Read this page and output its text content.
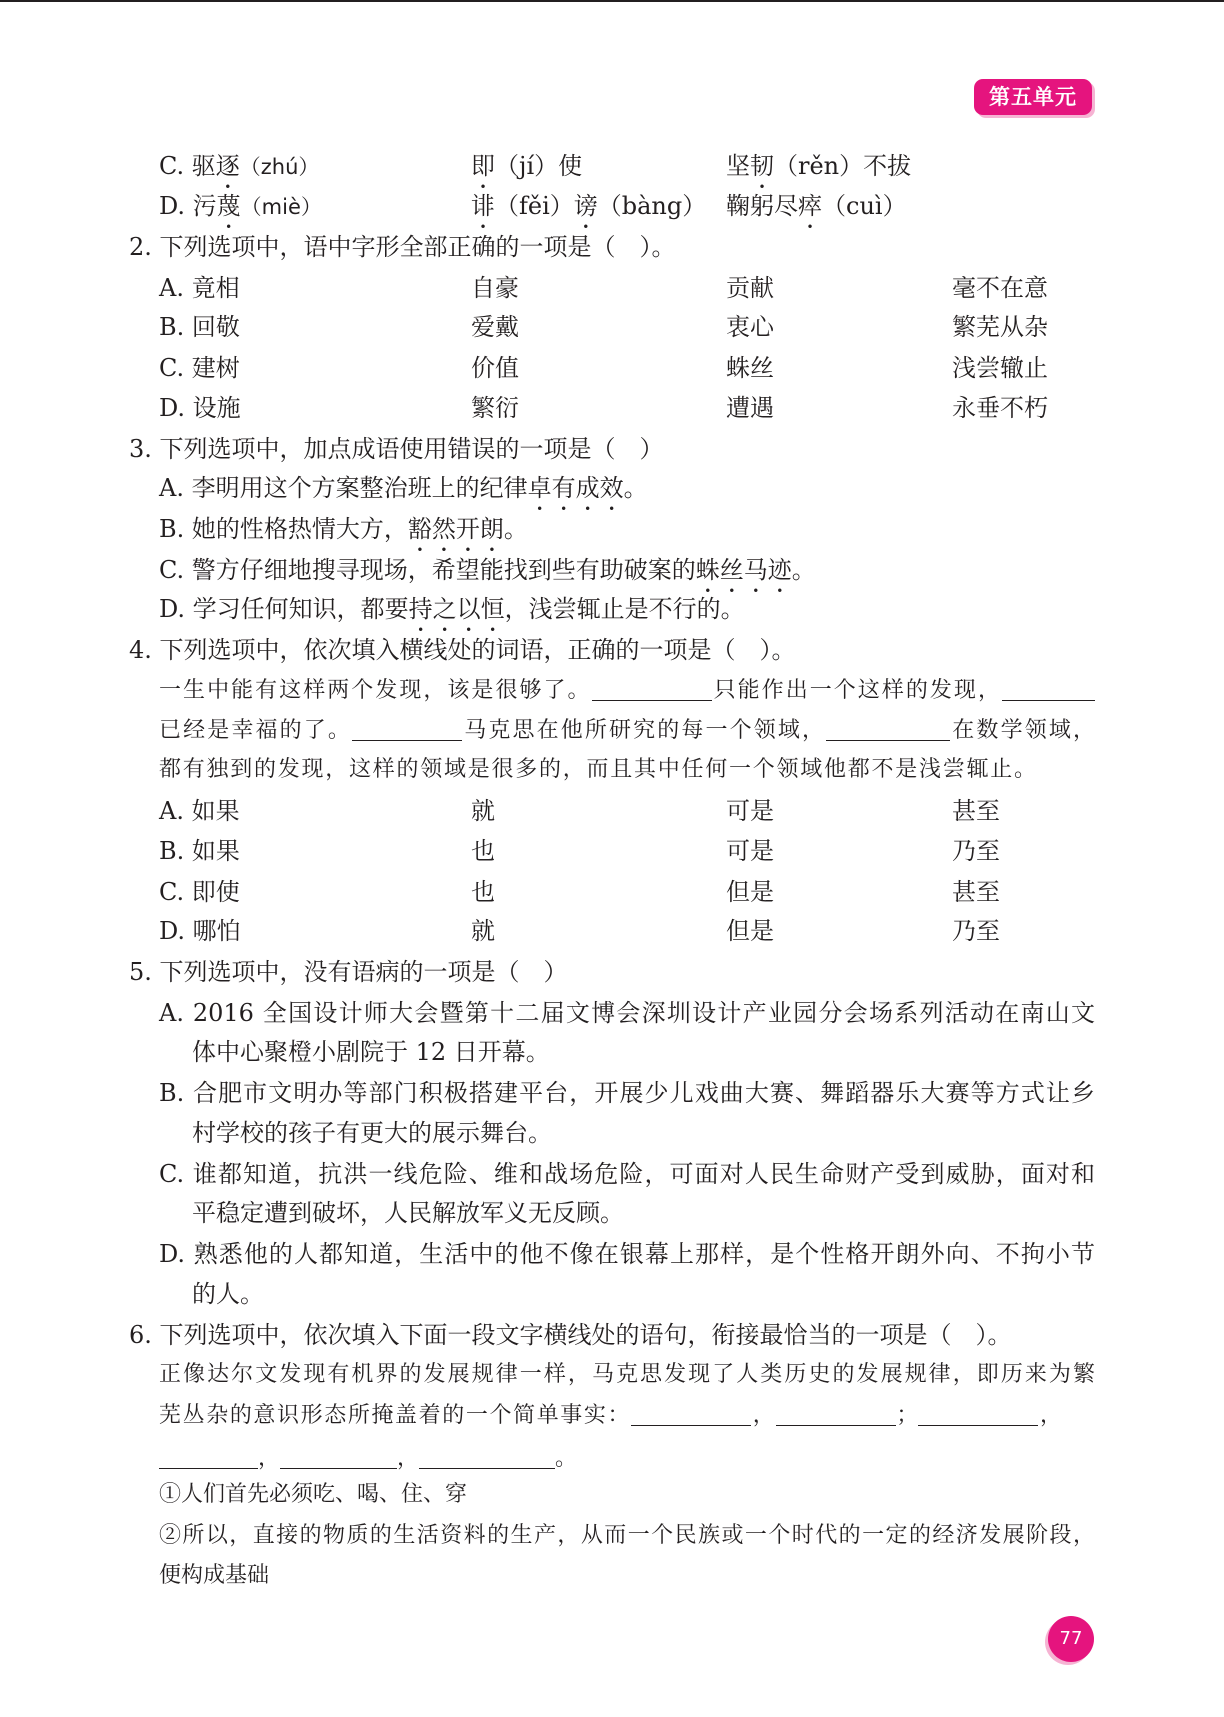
第五单元
C. 驱逐（zhú）	即（jí）使	坚韧（rěn）不拔
D. 污蔑（miè）	诽（fěi）谤（bàng） 鞠躬尽瘁（cuì）
2. 下列选项中，语中字形全部正确的一项是（　）。
A. 竟相	自豪	贡献	毫不在意
B. 回敬	爱戴	衷心	繁芜从杂
C. 建树	价值	蛛丝	浅尝辙止
D. 设施	繁衍	遭遇	永垂不朽
3. 下列选项中，加点成语使用错误的一项是（　）
A. 李明用这个方案整治班上的纪律卓有成效。
B. 她的性格热情大方，豁然开朗。
C. 警方仔细地搜寻现场，希望能找到些有助破案的蛛丝马迹。
D. 学习任何知识，都要持之以恒，浅尝辄止是不行的。
4. 下列选项中，依次填入横线处的词语，正确的一项是（　）。
一生中能有这样两个发现，该是很够了。	只能作出一个这样的发现，
已经是幸福的了。	马克思在他所研究的每一个领域，	在数学领域，
都有独到的发现，这样的领域是很多的，而且其中任何一个领域他都不是浅尝辄止。
A. 如果	就	可是	甚至
B. 如果	也	可是	乃至
C. 即使	也	但是	甚至
D. 哪怕	就	但是	乃至
5. 下列选项中，没有语病的一项是（　）
A. 2016 全国设计师大会暨第十二届文博会深圳设计产业园分会场系列活动在南山文
体中心聚橙小剧院于 12 日开幕。
B. 合肥市文明办等部门积极搭建平台，开展少儿戏曲大赛、舞蹈器乐大赛等方式让乡
村学校的孩子有更大的展示舞台。
C. 谁都知道，抗洪一线危险、维和战场危险，可面对人民生命财产受到威胁，面对和
平稳定遭到破坏，人民解放军义无反顾。
D. 熟悉他的人都知道，生活中的他不像在银幕上那样，是个性格开朗外向、不拘小节
的人。
6. 下列选项中，依次填入下面一段文字横线处的语句，衔接最恰当的一项是（　）。
正像达尔文发现有机界的发展规律一样，马克思发现了人类历史的发展规律，即历来为繁
芜丛杂的意识形态所掩盖着的一个简单事实：	，	；	，
，	，	。
①人们首先必须吃、喝、住、穿
②所以，直接的物质的生活资料的生产，从而一个民族或一个时代的一定的经济发展阶段，
便构成基础
77
